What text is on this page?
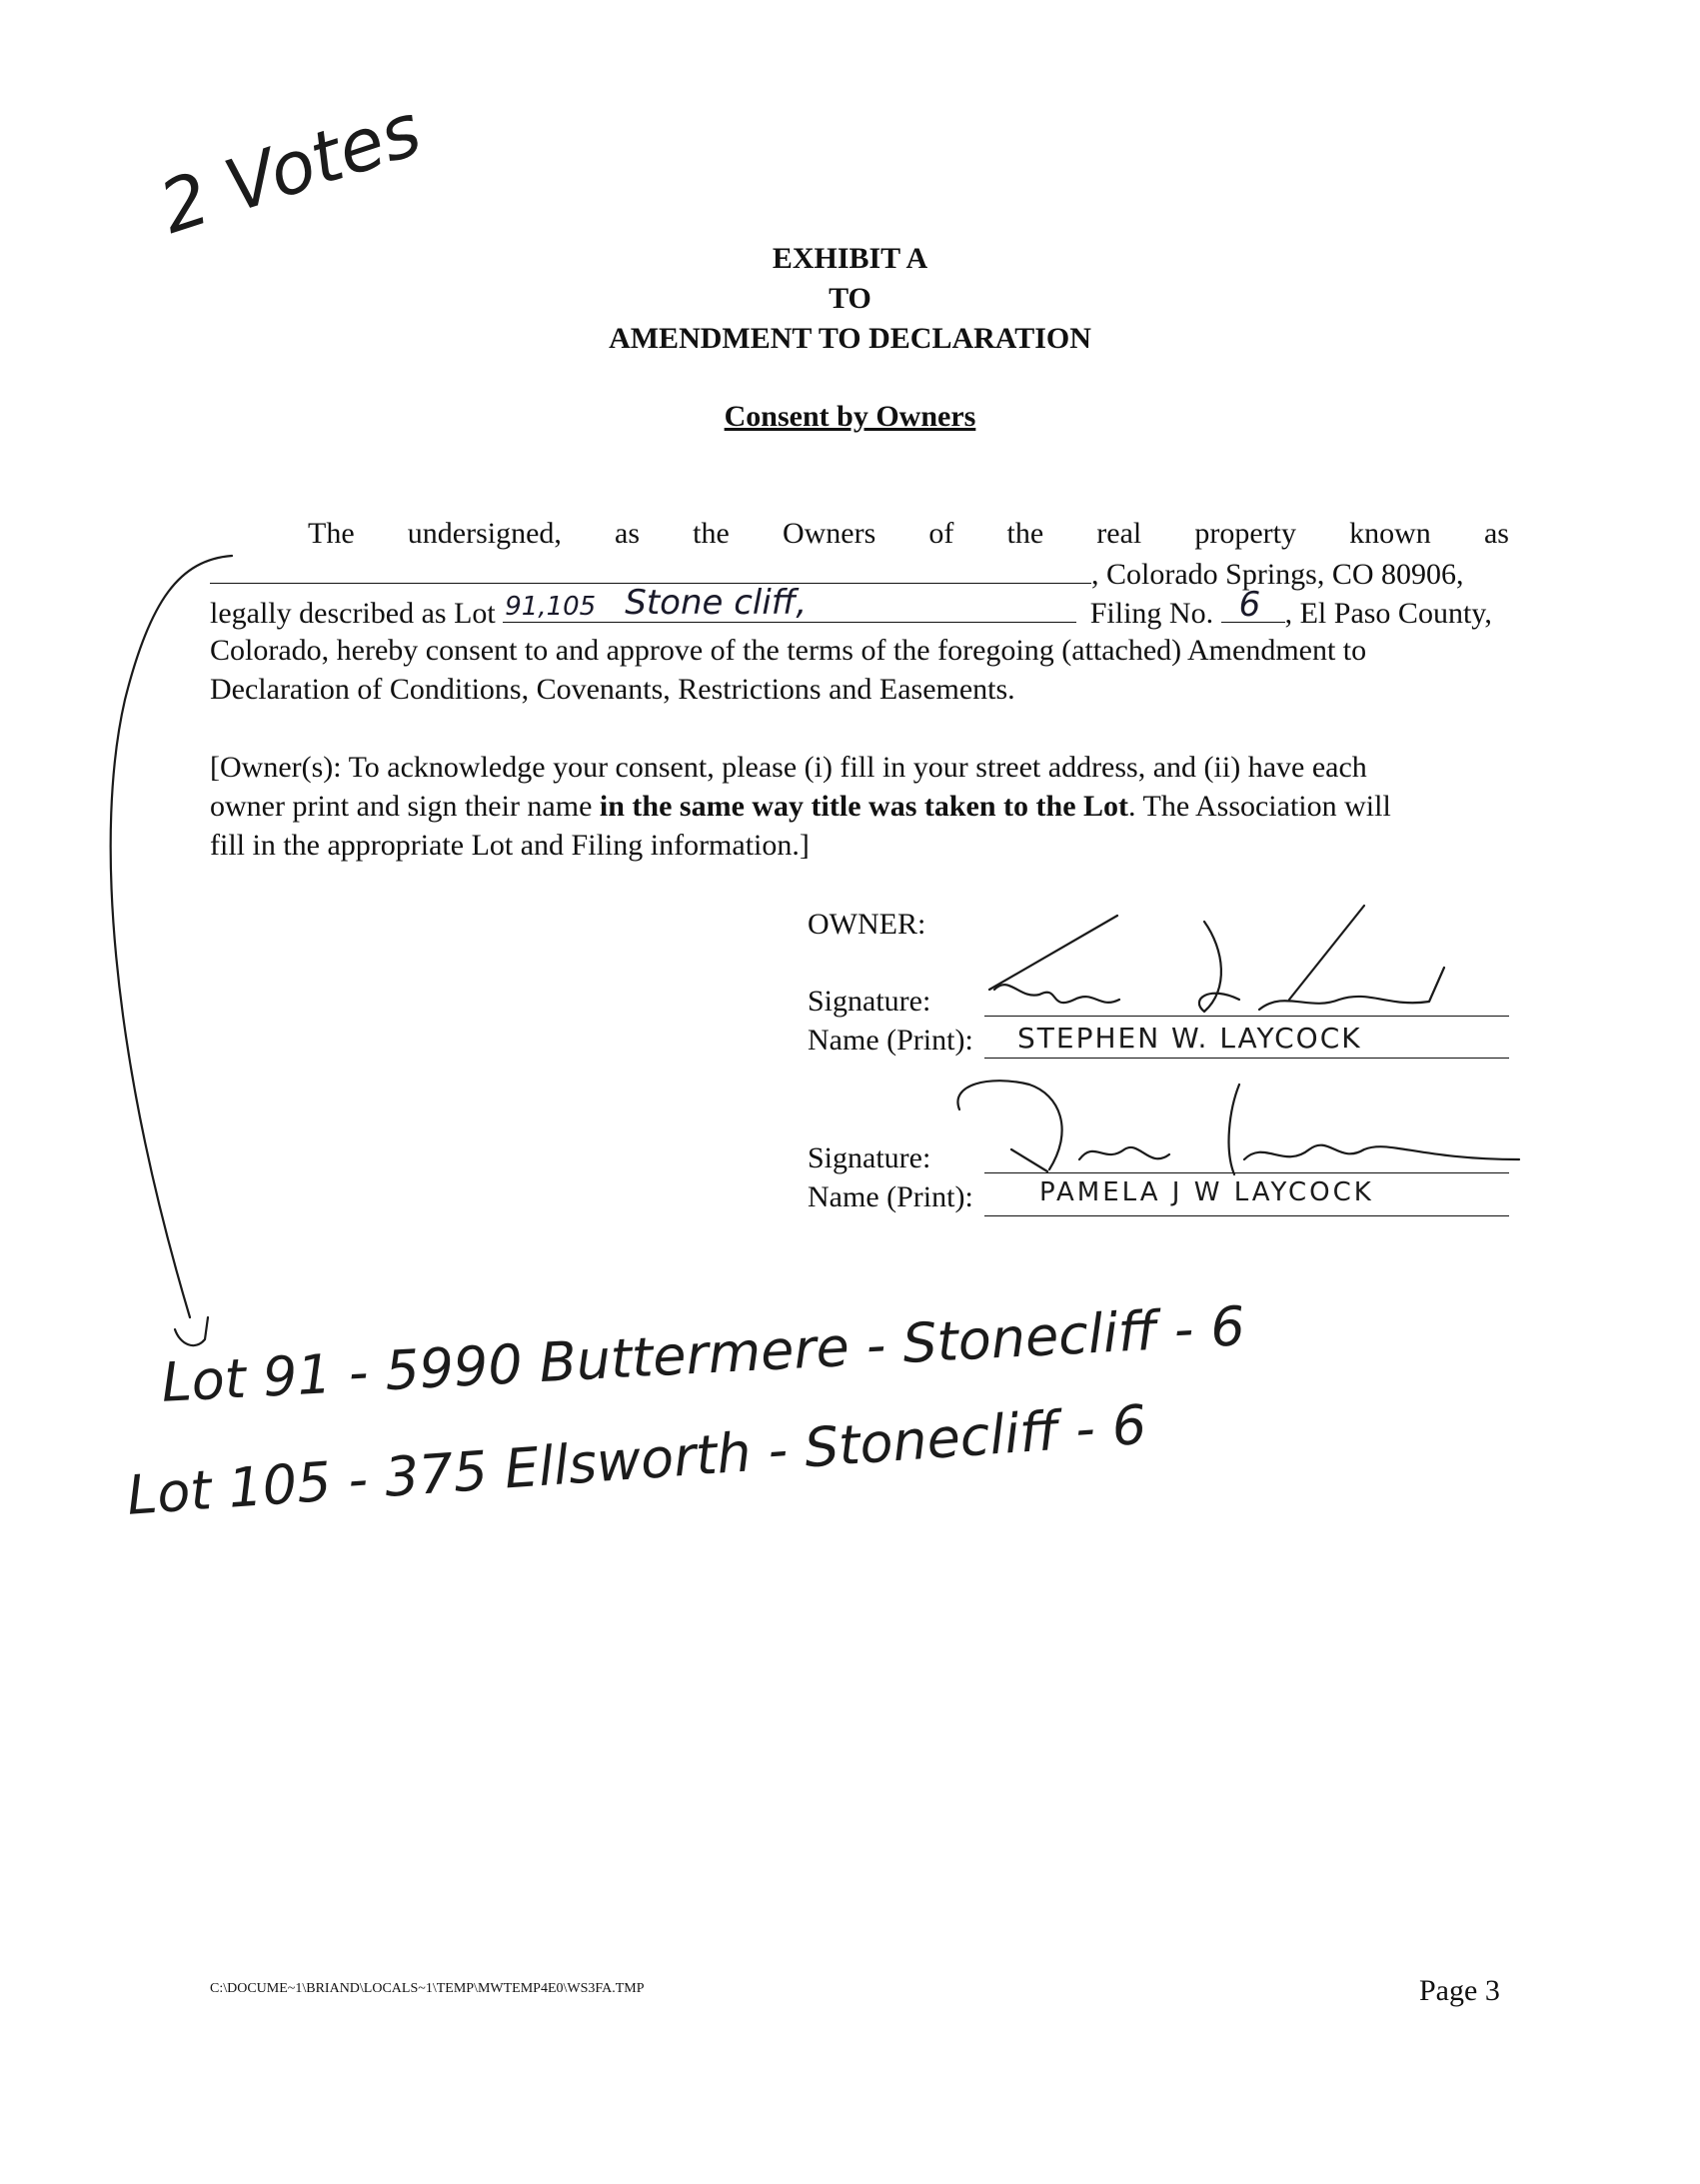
EXHIBIT A
TO
AMENDMENT TO DECLARATION
Consent by Owners
The undersigned, as the Owners of the real property known as
, Colorado Springs, CO 80906,
legally described as Lot 91,105 Stone cliff,	Filing No. 6 , El Paso County,
Colorado, hereby consent to and approve of the terms of the foregoing (attached) Amendment to
Declaration of Conditions, Covenants, Restrictions and Easements.
[Owner(s): To acknowledge your consent, please (i) fill in your street address, and (ii) have each
owner print and sign their name in the same way title was taken to the Lot. The Association will
fill in the appropriate Lot and Filing information.]
OWNER:
Signature:
Name (Print): STEPHEN W. LAYCOCK
Signature:
Name (Print):	PAMELA J W LAYCOCK
2 Votes
Lot 91 - 5990 Buttermere - Stonecliff - 6
Lot 105 - 375 Ellsworth - Stonecliff - 6
C:\DOCUME~1\BRIAND\LOCALS~1\TEMP\MWTEMP4E0\WS3FA.TMP	Page 3
